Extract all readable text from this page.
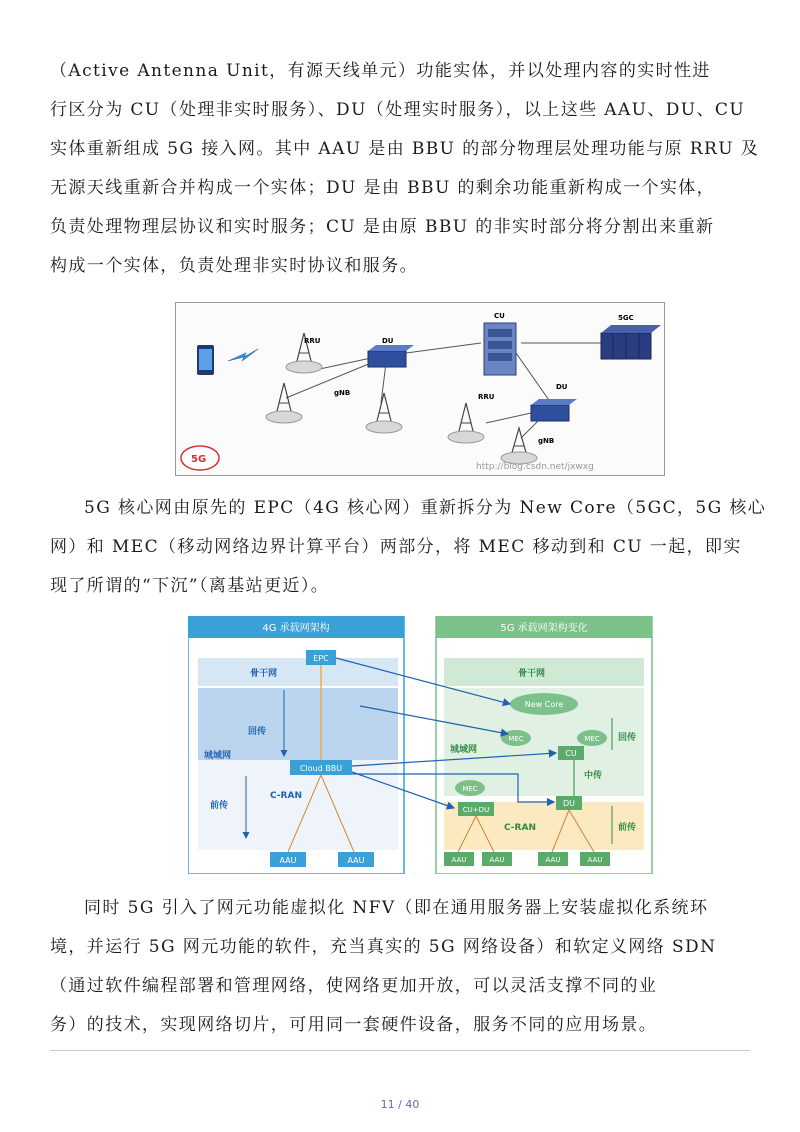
（Active Antenna Unit，有源天线单元）功能实体，并以处理内容的实时性进
行区分为 CU（处理非实时服务）、DU（处理实时服务），以上这些 AAU、DU、CU
实体重新组成 5G 接入网。其中 AAU 是由 BBU 的部分物理层处理功能与原 RRU 及
无源天线重新合并构成一个实体；DU 是由 BBU 的剩余功能重新构成一个实体，
负责处理物理层协议和实时服务；CU 是由原 BBU 的非实时部分将分割出来重新
构成一个实体，负责处理非实时协议和服务。
RRU	DU
CU	5GC
gNB	RRU
DU
gNB
http://blog.csdn.net/jxwxg
5G
5G 核心网由原先的 EPC（4G 核心网）重新拆分为 New Core（5GC，5G 核心
网）和 MEC（移动网络边界计算平台）两部分，将 MEC 移动到和 CU 一起，即实
现了所谓的“下沉”（离基站更近）。
4G 承载网架构
骨干网
回传
城域网
前传
C-RAN
EPC
Cloud BBU
AAU	AAU
5G 承载网架构变化
骨干网
城域网
回传
中传
C-RAN	前传
New Core
MEC	MEC
MEC
CU
CU+DU
DU
AAU	AAU	AAU	AAU
同时 5G 引入了网元功能虚拟化 NFV（即在通用服务器上安装虚拟化系统环
境，并运行 5G 网元功能的软件，充当真实的 5G 网络设备）和软定义网络 SDN
（通过软件编程部署和管理网络，使网络更加开放，可以灵活支撑不同的业
务）的技术，实现网络切片，可用同一套硬件设备，服务不同的应用场景。
11 / 40
